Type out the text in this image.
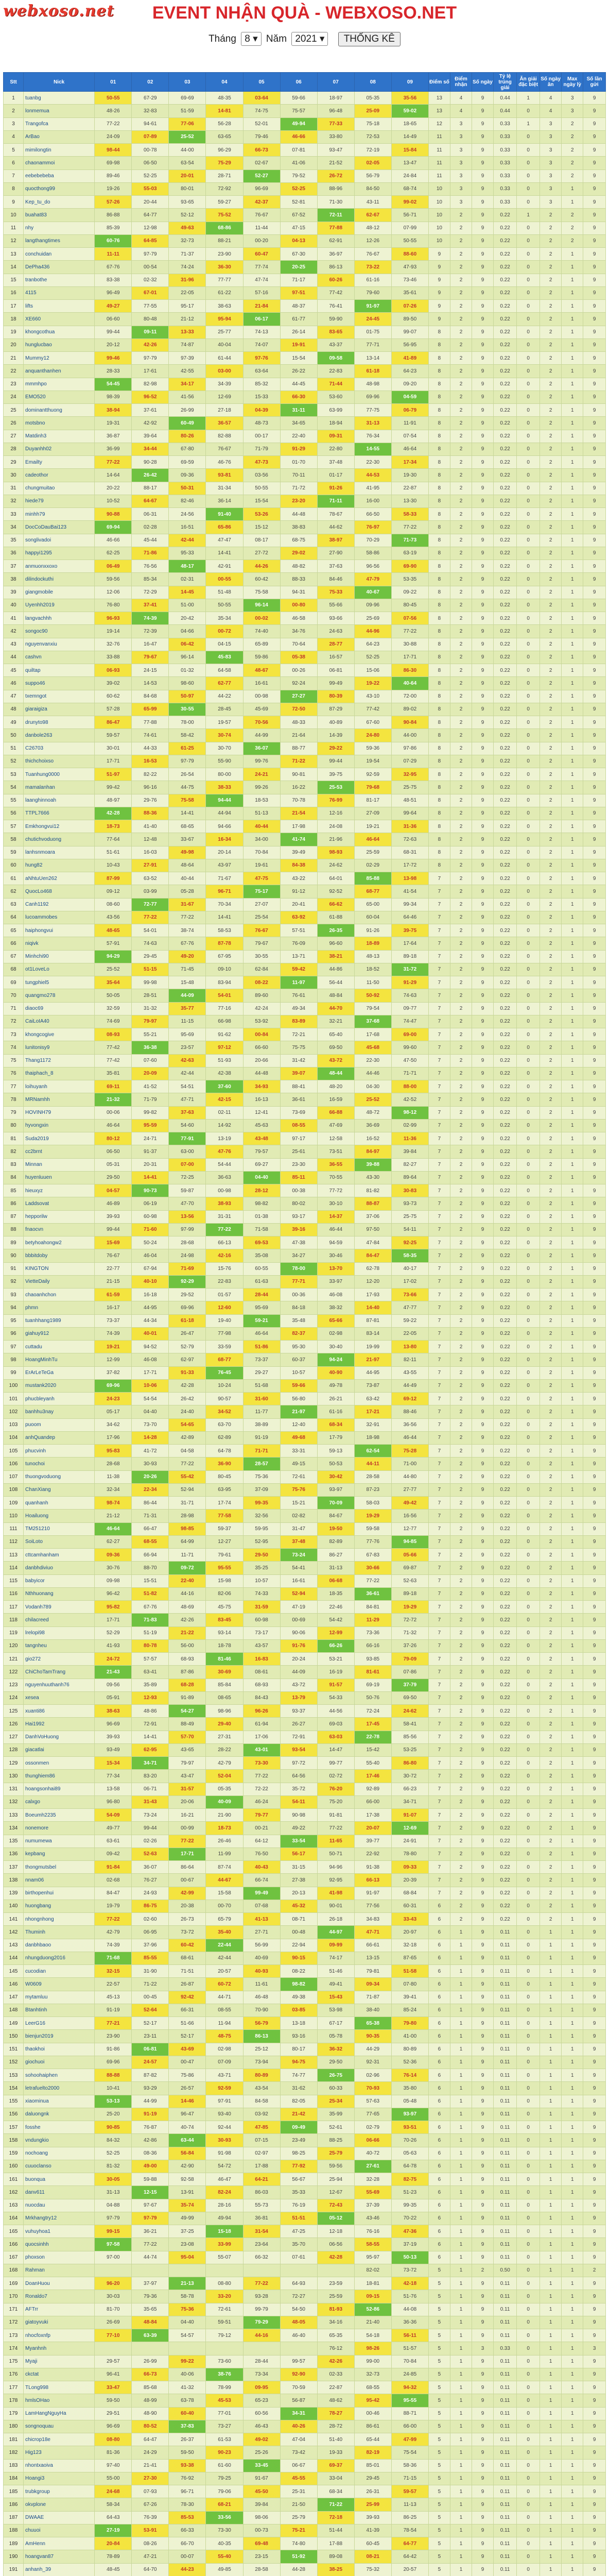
webxoso.net	EVENT NHẬN QUÀ - WEBXOSO.NET
Tháng 8 ▾ Năm 2021 ▾ THỐNG KÊ
Stt	Nick	01	02	03	04	05	06	07	08	09	Điểm số	Điểm nhận	Số ngày	Tỷ lệ trúng giải	Ăn giải đặc biệt	Số ngày ăn	Max ngày lỳ	Số lần gửi
1	tuanbg	50-55	67-29	69-69	48-35	03-64	59-66	18-97	05-35	35-56	13	4	9	0.44	1	4	3	9
2	lonmemua	48-26	32-83	51-59	14-81	74-75	75-57	96-48	25-09	59-02	13	4	9	0.44	0	4	3	9
3	Trangofca	77-22	94-61	77-06	56-28	52-01	49-94	77-33	75-18	18-65	12	3	9	0.33	1	3	2	9
4	ArBao	24-09	07-89	25-52	63-65	79-46	46-66	33-80	72-53	14-49	11	3	9	0.33	0	3	2	9
5	mimilongtin	98-44	00-78	44-00	96-29	66-73	07-81	93-47	72-19	15-84	11	3	9	0.33	0	3	2	9
6	chaonammoi	69-98	06-50	63-54	75-29	02-67	41-06	21-52	02-05	13-47	11	3	9	0.33	0	3	2	9
7	eebebebeba	89-46	52-25	20-01	28-71	52-27	79-52	26-72	56-79	24-84	11	3	9	0.33	0	3	2	9
8	quocthong99	19-26	55-03	80-01	72-92	96-69	52-25	88-96	84-50	68-74	10	3	9	0.33	0	3	1	9
9	Kep_tu_do	57-26	20-44	93-65	59-27	42-37	52-81	71-30	43-11	99-02	10	3	9	0.33	0	3	1	9
10	buahat83	86-88	64-77	52-12	75-52	76-67	67-52	72-11	62-67	56-71	10	2	9	0.22	1	2	2	9
11	nhy	85-39	12-98	49-63	68-86	11-44	47-15	77-88	48-12	07-99	10	2	9	0.22	0	2	2	9
12	langthangtimes	60-76	64-85	32-73	88-21	00-20	04-13	62-91	12-26	50-55	10	2	9	0.22	0	2	2	9
13	conchuidan	11-11	97-79	71-37	23-90	60-47	67-30	36-97	76-67	88-60	9	2	9	0.22	0	2	1	9
14	DePha436	67-76	00-54	74-24	36-30	77-74	20-25	86-13	73-22	47-93	9	2	9	0.22	0	2	1	9
15	tranbothe	83-38	02-32	31-96	77-77	47-74	71-17	60-26	61-16	73-46	9	2	9	0.22	0	2	1	9
16	4115	96-49	67-01	22-05	61-22	57-16	97-51	77-42	79-60	35-61	9	2	9	0.22	0	2	1	9
17	lifts	49-27	77-55	95-17	38-63	21-84	48-37	76-41	91-97	07-26	9	2	9	0.22	0	2	1	9
18	XE660	06-60	80-48	21-12	95-94	06-17	61-77	59-90	24-45	89-50	9	2	9	0.22	0	2	1	9
19	khongcothua	99-44	09-11	13-33	25-77	74-13	26-14	83-65	01-75	99-07	8	2	9	0.22	0	2	1	9
20	hunglucbao	20-12	42-26	74-87	40-04	74-07	19-91	43-37	77-71	56-95	8	2	9	0.22	0	2	1	9
21	Mummy12	99-46	97-79	97-39	61-44	97-76	15-54	09-58	13-14	41-89	8	2	9	0.22	0	2	1	9
22	anquanthanhen	28-33	17-61	42-55	03-00	63-64	26-22	22-83	61-18	64-23	8	2	9	0.22	0	2	1	9
23	mmmhpo	54-45	82-98	34-17	34-39	85-32	44-45	71-44	48-98	09-20	8	2	9	0.22	0	2	1	9
24	EMO520	98-39	96-52	41-56	12-69	15-33	66-30	53-60	69-96	04-59	8	2	9	0.22	0	2	1	9
25	dominantthuong	38-94	37-61	26-99	27-18	04-39	31-11	63-99	77-75	06-79	8	2	9	0.22	0	2	1	9
26	motsbno	19-31	42-92	60-49	36-57	48-73	34-65	18-94	31-13	11-91	8	2	9	0.22	0	2	1	9
27	Matdinh3	36-87	39-64	80-26	82-88	00-17	22-40	09-31	76-34	07-54	8	2	9	0.22	0	2	1	9
28	Duyanhh02	36-99	34-44	67-80	76-67	71-79	91-29	22-80	14-55	46-64	8	2	9	0.22	0	2	1	9
29	Emailty	77-22	90-28	69-59	46-76	47-73	01-70	37-48	22-30	17-34	8	2	9	0.22	0	2	1	9
30	cadeothor	14-64	26-42	09-36	93-81	03-56	70-11	01-17	44-53	19-30	8	2	9	0.22	0	2	1	9
31	chungmuitao	20-22	88-17	50-31	31-34	50-55	71-72	91-26	41-95	22-87	8	2	9	0.22	0	2	1	9
32	hiede79	10-52	64-67	82-46	36-14	15-54	23-20	71-11	16-00	13-30	8	2	9	0.22	0	2	1	9
33	minhh79	90-88	06-31	24-56	91-40	53-26	44-48	78-67	66-50	58-33	8	2	9	0.22	0	2	1	9
34	DocCoDauBai123	69-94	02-28	16-51	65-86	15-12	38-83	44-62	76-97	77-22	8	2	9	0.22	0	2	1	9
35	songlivadoi	46-66	45-44	42-44	47-47	08-17	68-75	38-97	70-29	71-73	8	2	9	0.22	0	2	1	9
36	happyi1295	62-25	71-86	95-33	14-41	27-72	29-02	27-90	58-86	63-19	8	2	9	0.22	0	2	1	9
37	anmuonxxoxo	06-49	76-56	48-17	42-91	44-26	48-82	37-63	96-56	69-90	8	2	9	0.22	0	2	1	9
38	dilindockuthi	59-56	85-34	02-31	00-55	60-42	88-33	84-46	47-79	53-35	8	2	9	0.22	0	2	1	9
39	giangmobile	12-06	72-29	14-45	51-48	75-58	94-31	75-33	40-67	09-22	8	2	9	0.22	0	2	1	9
40	Uyenhh2019	76-80	37-41	51-00	50-55	96-14	00-80	55-66	09-96	80-45	8	2	9	0.22	0	2	1	9
41	langvachhh	96-93	74-39	20-42	35-34	00-02	46-58	93-66	25-69	07-56	8	2	9	0.22	0	2	1	9
42	songoc90	19-14	72-39	04-66	00-72	74-40	34-76	24-63	44-96	77-22	8	2	9	0.22	0	2	1	9
43	nguyenvanxiu	32-76	16-47	06-42	04-15	65-89	70-64	28-77	64-23	30-88	8	2	9	0.22	0	2	1	9
44	cashvn	33-88	79-67	96-14	45-83	59-86	05-38	16-57	52-25	17-71	8	2	9	0.22	0	2	1	9
45	quiltap	06-93	24-15	01-32	64-58	48-67	00-26	06-81	15-06	86-30	8	2	9	0.22	0	2	1	9
46	suppo46	39-02	14-53	98-60	62-77	16-61	92-24	99-49	19-22	40-64	8	2	9	0.22	0	2	1	9
47	txemngot	60-62	84-68	50-97	44-22	00-98	27-27	80-39	43-10	72-00	8	2	9	0.22	0	2	1	9
48	giaraigiza	57-28	65-99	30-55	28-45	45-69	72-50	87-29	77-42	89-02	8	2	9	0.22	0	2	1	9
49	drunyto98	86-47	77-88	78-00	19-57	70-56	48-33	40-89	67-60	90-84	8	2	9	0.22	0	2	1	9
50	danbole263	59-57	74-61	58-42	30-74	44-99	21-64	14-39	24-80	44-00	8	2	9	0.22	0	2	1	9
51	C26703	30-01	44-33	61-25	30-70	36-07	88-77	29-22	59-36	97-86	8	2	9	0.22	0	2	1	9
52	thichchoixso	17-71	16-53	97-79	55-90	99-76	71-22	99-44	19-54	07-29	8	2	9	0.22	0	2	1	9
53	Tuanhung0000	51-97	82-22	26-54	80-00	24-21	90-81	39-75	92-59	32-95	8	2	9	0.22	0	2	1	9
54	mamalanhan	99-42	96-16	44-75	38-33	99-26	16-22	25-53	79-68	25-75	8	2	9	0.22	0	2	1	9
55	laanghinnoah	48-97	29-76	75-58	94-44	18-53	70-78	76-99	81-17	48-51	8	2	9	0.22	0	2	1	9
56	TTPL7666	42-28	88-36	14-41	44-94	51-13	21-54	12-16	27-09	99-64	8	2	9	0.22	0	2	1	9
57	Emkhongvui12	18-73	41-40	68-65	94-66	40-44	17-98	24-08	19-21	31-36	8	2	9	0.22	0	2	1	9
58	chutichvoduong	77-64	12-48	33-67	16-34	34-00	41-74	21-96	46-64	72-63	8	2	9	0.22	0	2	1	9
59	lanhsnmoara	51-61	16-03	49-98	20-14	70-84	39-49	98-93	25-59	68-31	8	2	9	0.22	0	2	1	9
60	hung82	10-43	27-91	48-64	43-97	19-61	84-38	24-62	02-29	17-72	8	2	9	0.22	0	2	1	9
61	aNhtuUen262	87-99	63-52	40-44	71-67	47-75	43-22	64-01	85-88	13-98	7	2	9	0.22	0	2	1	9
62	QuocLo468	09-12	03-99	05-28	96-71	75-17	91-12	92-52	68-77	41-54	7	2	9	0.22	0	2	1	9
63	Canh1192	08-60	72-77	31-67	70-34	27-07	20-41	66-62	65-00	99-34	7	2	9	0.22	0	2	1	9
64	lucoammobes	43-56	77-22	77-22	14-41	25-54	63-92	61-88	60-04	64-46	7	2	9	0.22	0	2	1	9
65	haiphongvui	48-65	54-01	38-74	58-53	76-67	57-51	26-35	91-26	39-75	7	2	9	0.22	0	2	1	9
66	niqivk	57-91	74-63	67-76	87-78	79-67	76-09	96-60	18-89	17-64	7	2	9	0.22	0	2	1	9
67	Minhchi90	94-29	29-45	49-20	67-95	30-55	13-71	38-21	48-13	89-18	7	2	9	0.22	0	2	1	9
68	ot1LoveLo	25-52	51-15	71-45	09-10	62-84	59-42	44-86	18-52	31-72	7	2	9	0.22	0	2	1	9
69	tungphiel5	35-64	99-98	15-48	83-94	08-22	11-97	56-44	11-50	91-29	7	2	9	0.22	0	2	1	9
70	quangmo278	50-05	28-51	44-09	54-01	89-60	76-61	48-84	50-92	74-63	7	2	9	0.22	0	2	1	9
71	diaoc69	32-59	31-32	35-77	77-16	42-24	49-34	44-70	79-54	09-77	7	2	9	0.22	0	2	1	9
72	CaiLoIA40	74-69	79-97	11-15	66-98	53-92	83-89	32-21	37-68	74-47	7	2	9	0.22	0	2	1	9
73	khongcogive	08-93	55-21	95-69	91-62	00-84	72-21	65-40	17-68	69-00	7	2	9	0.22	0	2	1	9
74	lunitonisy9	77-42	36-38	23-57	97-12	66-60	75-75	69-50	45-68	99-60	7	2	9	0.22	0	2	1	9
75	Thang1172	77-42	07-60	42-63	51-93	20-66	31-42	43-72	22-30	47-50	7	2	9	0.22	0	2	1	9
76	thaiphach_8	35-81	20-09	42-44	42-38	44-48	39-07	48-44	44-46	71-71	7	2	9	0.22	0	2	1	9
77	loihuyanh	69-11	41-52	54-51	37-60	34-93	88-41	48-20	04-30	88-00	7	2	9	0.22	0	2	1	9
78	MRNamhh	21-32	71-79	47-71	42-15	16-13	36-61	16-59	25-52	42-52	7	2	9	0.22	0	2	1	9
79	HOVINH79	00-06	99-82	37-63	02-11	12-41	73-69	66-88	48-72	98-12	7	2	9	0.22	0	2	1	9
80	hyvongxin	46-64	95-59	54-60	14-92	45-63	08-55	47-69	36-69	02-99	7	2	9	0.22	0	2	1	9
81	Suda2019	80-12	24-71	77-91	13-19	43-48	97-17	12-58	16-52	11-36	7	2	9	0.22	0	2	1	9
82	cc2brnt	06-50	91-37	63-00	47-76	79-57	25-61	73-51	84-97	39-84	7	2	9	0.22	0	2	1	9
83	Minnan	05-31	20-31	07-00	54-44	69-27	23-30	36-55	39-88	82-27	7	2	9	0.22	0	2	1	9
84	huyenluuen	29-50	14-41	72-25	36-63	04-40	85-11	70-55	43-30	89-64	7	2	9	0.22	0	2	1	9
85	hieuxyz	04-57	90-73	59-87	00-98	28-12	00-38	77-72	81-82	30-83	7	2	9	0.22	0	2	1	9
86	Laddsovat	46-89	06-19	47-70	38-93	98-82	80-02	30-10	88-87	93-73	7	2	9	0.22	0	2	1	9
87	hepporilw	39-93	60-98	13-56	31-31	01-38	93-17	14-37	37-06	25-75	7	2	9	0.22	0	2	1	9
88	fnaocvn	99-44	71-60	97-99	77-22	71-58	39-16	46-44	97-50	54-11	7	2	9	0.22	0	2	1	9
89	betyhoahongw2	15-69	50-24	28-68	66-13	69-53	47-38	94-59	47-84	92-25	7	2	9	0.22	0	2	1	9
90	bbbitdoby	76-67	46-04	24-98	42-16	35-08	34-27	30-46	84-47	58-35	7	2	9	0.22	0	2	1	9
91	KINGTON	22-77	67-94	71-69	15-76	60-55	78-00	13-70	62-78	40-17	7	2	9	0.22	0	2	1	9
92	VietteDaily	21-15	40-10	92-29	22-83	61-63	77-71	33-97	12-20	17-02	7	2	9	0.22	0	2	1	9
93	chaoanhchon	61-59	16-18	29-52	01-57	28-44	00-36	46-08	17-93	73-66	7	2	9	0.22	0	2	1	9
94	phmn	16-17	44-95	69-96	12-60	95-69	84-18	38-32	14-40	47-77	7	2	9	0.22	0	2	1	9
95	tuanhhang1989	73-37	44-34	61-18	19-40	59-21	35-48	65-66	87-81	59-22	7	2	9	0.22	0	2	1	9
96	giahuy912	74-39	40-01	26-47	77-98	46-64	82-37	02-98	83-14	22-05	7	2	9	0.22	0	2	1	9
97	cuttadu	19-21	94-52	52-79	33-59	51-86	95-30	30-40	19-99	13-80	7	2	9	0.22	0	2	1	9
98	HoangMinhTu	12-99	46-08	62-97	68-77	73-37	60-37	94-24	21-97	82-11	7	2	9	0.22	0	2	1	9
99	ErArLeTeGa	37-82	17-71	91-33	76-45	29-27	10-57	40-90	44-95	43-55	7	2	9	0.22	0	2	1	9
100	mustank2020	69-96	10-06	42-28	10-24	51-68	59-66	49-78	73-87	44-49	7	2	9	0.22	0	2	1	9
101	phucbleyanh	24-23	54-54	26-42	90-57	31-60	56-80	26-21	63-42	69-12	7	2	9	0.22	0	2	1	9
102	banhhu3nay	05-17	04-40	24-40	34-52	11-77	21-97	61-16	17-21	88-46	7	2	9	0.22	0	2	1	9
103	puoom	34-62	73-70	54-65	63-70	38-89	12-40	68-34	32-91	36-56	7	2	9	0.22	0	2	1	9
104	anhQuandep	17-96	14-28	42-89	62-89	91-19	49-68	17-79	18-98	46-44	7	2	9	0.22	0	2	1	9
105	phucvinh	95-83	41-72	04-58	64-78	71-71	33-31	59-13	62-54	75-28	7	2	9	0.22	0	2	1	9
106	tunochoi	28-68	30-93	77-22	36-90	28-57	49-15	50-53	44-11	71-00	7	2	9	0.22	0	2	1	9
107	thuongvoduong	11-38	20-26	55-42	80-45	75-36	72-61	30-42	28-58	44-80	7	2	9	0.22	0	2	1	9
108	ChanXiang	32-34	22-34	52-94	63-95	37-09	75-76	93-97	87-23	27-77	7	2	9	0.22	0	2	1	9
109	quanhanh	98-74	86-44	31-71	17-74	99-35	15-21	70-09	58-03	49-42	7	2	9	0.22	0	2	1	9
110	Hoailuong	21-12	71-31	28-98	77-58	32-56	02-82	84-67	19-29	16-56	7	2	9	0.22	0	2	1	9
111	TM251210	46-64	66-47	98-85	59-37	59-95	31-47	19-50	59-58	12-77	7	2	9	0.22	0	2	1	9
112	SoiLoto	62-27	68-55	64-99	12-27	52-95	37-48	82-89	77-76	94-85	7	2	9	0.22	0	2	1	9
113	cttcamhanham	09-36	66-94	11-71	79-61	29-50	73-24	86-27	67-83	05-66	7	2	9	0.22	0	2	1	9
114	danbhdiviuo	30-76	88-70	09-72	95-55	35-25	54-41	31-13	30-66	69-87	7	2	9	0.22	0	2	1	9
115	babyicor	09-98	15-51	22-40	15-98	10-57	16-61	06-68	77-22	52-63	7	2	9	0.22	0	2	1	9
116	Nthhuonang	96-42	51-82	44-16	82-06	74-33	52-94	18-35	36-61	89-18	7	2	9	0.22	0	2	1	9
117	Vodanh789	95-82	67-76	48-69	45-75	31-59	47-19	22-46	84-81	19-29	7	2	9	0.22	0	2	1	9
118	chilacreed	17-71	71-83	42-26	83-45	60-98	00-69	54-42	11-29	72-72	7	2	9	0.22	0	2	1	9
119	lrelopi98	52-29	51-19	21-22	93-14	73-17	90-06	12-99	73-36	71-32	7	2	9	0.22	0	2	1	9
120	tangnheu	41-93	80-78	56-00	18-78	43-57	91-76	66-26	66-16	37-26	7	2	9	0.22	0	2	1	9
121	gio272	24-72	57-57	68-93	81-46	16-83	20-24	53-21	93-85	79-09	7	2	9	0.22	0	2	1	9
122	ChiChoTamTrang	21-43	63-41	87-86	30-69	08-61	44-09	16-19	81-61	07-86	7	2	9	0.22	0	2	1	9
123	nguyenhuuthanh76	09-56	35-89	68-28	85-84	68-93	43-72	91-57	69-19	37-79	7	2	9	0.22	0	2	1	9
124	xesea	05-91	12-93	91-89	08-65	84-43	13-79	54-33	50-76	69-50	7	2	9	0.22	0	2	1	9
125	xuanti86	38-63	48-86	54-27	98-96	96-26	93-37	44-56	72-24	24-62	7	2	9	0.22	0	2	1	9
126	Hai1992	96-69	72-91	88-49	29-40	61-94	26-27	69-03	17-45	58-41	7	2	9	0.22	0	2	1	9
127	DanhVoHuong	39-93	14-41	57-70	27-31	17-06	72-91	63-03	22-78	85-56	7	2	9	0.22	0	2	1	9
128	giacatlai	93-49	62-95	43-65	28-22	43-01	93-54	14-47	15-42	53-25	7	2	9	0.22	0	2	1	9
129	ossonmen	15-34	34-71	79-97	42-79	73-30	97-72	99-77	55-40	86-80	7	2	9	0.22	0	2	1	9
130	thunghiem86	77-34	83-20	43-47	52-04	77-22	64-56	02-72	17-46	30-72	7	2	9	0.22	0	2	1	9
131	hoangsonhai89	13-58	06-71	31-57	05-35	72-22	35-72	76-20	92-89	66-23	7	2	9	0.22	0	2	1	9
132	calxgo	96-80	31-43	20-06	40-09	46-24	54-11	75-20	66-00	34-71	7	2	9	0.22	0	2	1	9
133	Boeumh2235	54-09	73-24	16-21	21-90	79-77	90-98	91-81	17-38	91-07	7	2	9	0.22	0	2	1	9
134	nonemore	49-77	99-44	00-99	18-73	00-21	49-22	77-22	20-07	12-69	7	2	9	0.22	0	2	1	9
135	numumewa	63-61	02-26	77-22	26-46	64-12	33-54	11-65	39-77	24-91	7	2	9	0.22	0	2	1	9
136	kepbang	09-42	52-63	17-71	11-99	76-50	56-17	50-71	22-92	78-80	7	2	9	0.22	0	2	1	9
137	thongmutsbel	91-84	36-07	86-64	87-74	40-43	31-15	94-96	91-38	09-33	7	2	9	0.22	0	2	1	9
138	nnam06	02-68	76-27	00-67	44-67	66-74	27-38	92-95	66-13	20-39	7	2	9	0.22	0	2	1	9
139	birthopenhui	84-47	24-93	42-99	15-58	99-49	20-13	41-98	91-97	68-84	7	2	9	0.22	0	2	1	9
140	huongbang	19-79	86-75	20-38	00-70	07-68	45-32	90-01	77-56	60-31	6	2	9	0.22	0	2	1	9
141	nhongnhong	77-22	02-60	26-73	65-79	41-13	08-71	26-18	34-83	33-43	6	2	9	0.22	0	2	1	9
142	Thuminh	42-79	06-95	73-72	35-40	27-71	00-48	44-97	47-71	20-97	6	1	9	0.11	0	1	1	9
143	danbhbaoo	74-39	37-96	60-42	22-44	56-99	22-94	09-99	66-61	32-18	6	1	9	0.11	0	1	1	9
144	nhungduong2016	71-68	85-55	68-61	42-44	40-69	90-15	74-17	13-15	87-65	6	1	9	0.11	0	1	1	9
145	cucodian	32-15	31-90	71-51	20-57	40-93	08-22	51-46	79-81	51-58	6	1	9	0.11	0	1	1	9
146	W0609	22-57	71-22	26-87	60-72	11-61	98-82	49-41	09-34	07-80	6	1	9	0.11	0	1	1	9
147	mytamluu	45-13	00-45	92-42	44-71	46-48	49-38	15-43	71-87	39-41	6	1	9	0.11	0	1	1	9
148	Btanhtinh	91-19	52-64	66-31	08-55	70-90	03-85	53-98	38-40	85-24	6	1	9	0.11	0	1	1	9
149	LeerG16	77-21	52-17	51-66	11-94	56-79	13-18	67-17	65-38	79-80	6	1	9	0.11	0	1	1	9
150	bienjun2019	23-90	23-11	52-17	48-75	86-13	93-16	05-78	90-35	41-00	6	1	9	0.11	0	1	1	9
151	thaokhoi	91-86	06-81	43-69	02-98	25-12	80-17	36-32	44-29	80-89	6	1	9	0.11	0	1	1	9
152	giochuoi	69-96	24-57	00-47	07-09	73-94	94-75	29-50	92-31	52-36	6	1	9	0.11	0	1	1	9
153	sohoohaiphen	88-88	87-82	75-86	43-71	80-89	74-77	26-75	02-96	76-14	6	1	9	0.11	0	1	1	9
154	letrafuelto2000	10-41	93-29	26-57	92-59	43-54	31-62	60-33	70-93	35-80	6	1	9	0.11	0	1	1	9
155	xiaominua	53-13	44-99	14-46	97-91	84-58	82-05	25-34	57-63	05-48	6	1	9	0.11	0	1	1	9
156	daluongnk	25-20	91-19	96-47	93-40	03-92	21-42	35-99	77-65	93-97	6	1	9	0.11	0	1	1	9
157	fosshe	90-85	76-87	40-74	92-44	47-85	09-49	52-61	02-79	93-51	6	1	9	0.11	0	1	1	9
158	vndungkio	84-32	42-86	63-44	30-93	07-15	23-49	88-25	06-66	70-26	6	1	9	0.11	0	1	1	9
159	nochoang	52-25	08-36	56-84	91-98	02-97	98-25	25-79	40-72	05-63	6	1	9	0.11	0	1	1	9
160	cuuoclanso	81-32	49-00	42-90	54-72	17-88	77-92	59-56	27-61	64-78	6	1	9	0.11	0	1	1	9
161	buonqua	30-05	59-88	92-58	46-47	64-21	56-67	25-94	32-28	82-75	6	1	9	0.11	0	1	1	9
162	danv611	31-13	12-15	13-91	82-24	86-03	35-33	12-67	55-69	51-23	6	1	9	0.11	0	1	1	9
163	nuocdau	04-88	97-67	35-74	28-16	55-73	76-19	72-43	37-39	99-35	6	1	9	0.11	0	1	1	9
164	Mrkhangtry12	97-79	97-79	49-99	49-94	36-81	51-51	05-12	43-46	70-22	6	1	9	0.11	0	1	1	9
165	vuhuyhoa1	99-15	36-21	37-25	15-18	31-54	47-25	12-18	76-16	47-36	6	1	9	0.11	0	1	1	9
166	quocsinhh	97-58	77-22	23-08	33-99	23-64	35-70	06-56	58-55	37-19	6	1	9	0.11	0	1	1	9
167	phoxson	97-00	44-74	95-04	55-07	66-32	07-61	42-28	95-97	50-13	6	1	9	0.11	0	1	1	9
168	Rahman								82-02	73-72	5	1	2	0.50	0	1	1	2
169	DoanHuou	96-20	37-97	21-13	08-80	77-22	64-93	23-59	18-81	42-18	5	1	9	0.11	0	1	1	9
170	Ronaldo7	30-03	79-36	58-78	33-20	93-28	72-27	25-59	09-15	51-76	5	1	9	0.11	0	1	1	9
171	AFTrr	81-70	35-65	75-36	72-61	99-79	54-50	81-93	52-86	44-08	5	1	9	0.11	0	1	1	9
172	giatoyvuki	26-69	48-84	04-40	59-51	79-29	48-05	34-16	21-40	36-36	5	1	9	0.11	0	1	1	9
173	nhocfoxnfp	77-10	63-39	54-57	79-12	44-16	46-40	65-35	54-18	56-11	5	1	9	0.11	0	1	1	9
174	Myanhnh							76-12	98-26	51-57	5	1	3	0.33	0	1	1	3
175	Myaji	29-57	26-99	99-22	73-60	28-44	99-57	42-26	99-00	70-84	5	1	9	0.11	0	1	1	9
176	ckctat	96-41	66-73	40-06	38-76	73-34	92-90	02-33	32-73	24-85	5	1	9	0.11	0	1	1	9
177	TLong998	33-47	85-68	41-32	78-99	09-95	70-59	22-87	68-55	94-32	5	1	9	0.11	0	1	1	9
178	hmlsOHao	59-50	48-99	63-78	45-53	65-23	56-87	48-62	95-42	95-55	5	1	9	0.11	0	1	1	9
179	LamHangNguyHa	29-51	48-90	60-40	77-01	60-56	34-31	78-27	00-46	88-71	5	1	9	0.11	0	1	1	9
180	songnoquau	96-69	80-52	37-83	73-27	46-43	40-26	28-72	86-61	66-00	5	1	9	0.11	0	1	1	9
181	chicrop18e	08-80	64-47	26-37	61-53	49-02	47-04	51-40	65-44	47-99	5	1	9	0.11	0	1	1	9
182	Hig123	81-36	24-29	59-50	90-23	25-26	73-42	19-33	82-19	75-54	5	1	9	0.11	0	1	1	9
183	nhontxaoiva	97-40	21-41	93-38	61-60	33-45	06-67	69-37	85-01	58-36	5	1	9	0.11	0	1	1	9
184	Hoangi3	55-00	27-30	76-92	79-25	91-67	45-55	33-04	29-45	71-15	5	1	9	0.11	0	1	1	9
185	trubkgroup	24-68	07-93	96-71	79-06	45-50	25-31	68-34	26-31	59-57	5	1	9	0.11	0	1	1	9
186	okvplone	58-34	67-26	78-30	68-21	39-84	21-50	71-22	25-99	11-13	5	1	9	0.11	0	1	1	9
187	DWAAE	64-43	76-39	85-53	33-56	98-06	25-79	72-18	39-93	86-25	5	1	9	0.11	0	1	1	9
188	chuuoi	27-19	53-91	66-33	73-30	00-73	75-21	51-44	41-39	78-54	5	1	9	0.11	0	1	1	9
189	AmHenn	20-84	08-26	66-70	40-35	69-48	74-80	17-88	60-45	64-77	5	1	9	0.11	0	1	1	9
190	hoangvan87	78-89	47-21	00-07	55-40	23-15	51-92	89-08	08-21	64-42	5	1	9	0.11	0	1	1	9
191	anhanh_39	48-45	64-70	44-23	49-85	28-58	44-28	38-25	75-32	20-57	5	1	9	0.11	0	1	1	9
